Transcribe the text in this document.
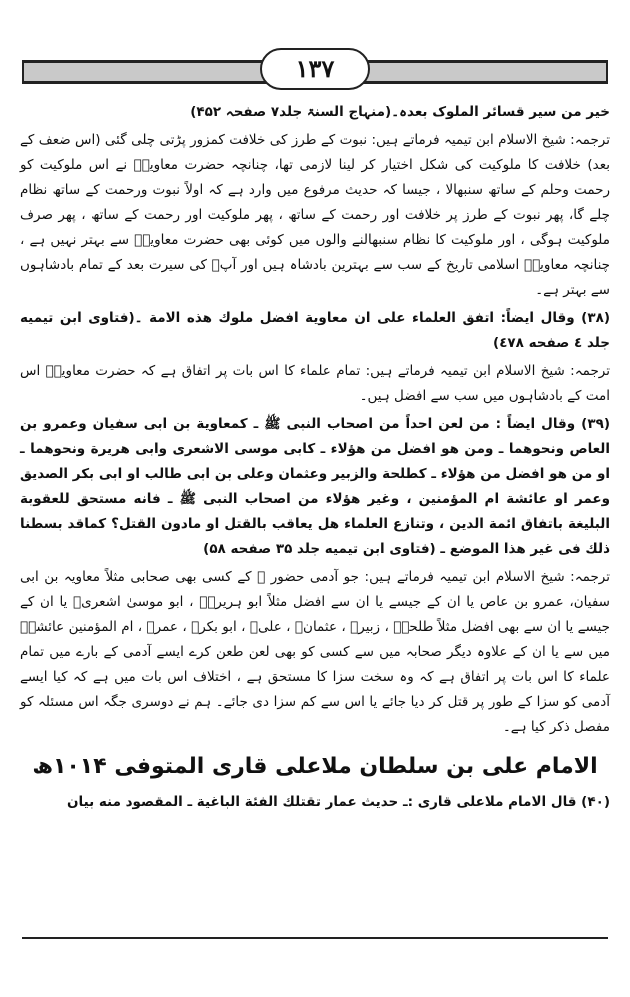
۱۳۷

خیر من سیر قسائر الملوک بعدہ۔(منہاج السنۃ جلد۷ صفحہ ۴۵۲)

ترجمہ: شیخ الاسلام ابن تیمیہ فرماتے ہیں: نبوت کے طرز کی خلافت کمزور پڑتی چلی گئی (اس ضعف کے بعد) خلافت کا ملوکیت کی شکل اختیار کر لینا لازمی تھا، چنانچہ حضرت معاویہؓ نے اس ملوکیت کو رحمت وحلم کے ساتھ سنبھالا ، جیسا کہ حدیث مرفوع میں وارد ہے کہ اولاً نبوت ورحمت کے ساتھ نظام چلے گا، پھر نبوت کے طرز پر خلافت اور رحمت کے ساتھ ، پھر ملوکیت اور رحمت کے ساتھ ، پھر صرف ملوکیت ہوگی ، اور ملوکیت کا نظام سنبھالنے والوں میں کوئی بھی حضرت معاویہؓ سے بہتر نہیں ہے ، چنانچہ معاویہؓ اسلامی تاریخ کے سب سے بہترین بادشاہ ہیں اور آپؓ کی سیرت بعد کے تمام بادشاہوں سے بہتر ہے۔

(۳۸) وقال ایضاً: اتفق العلماء علی ان معاویة افضل ملوك هذه الامة ۔(فتاوی ابن تیمیه جلد ٤ صفحه ٤٧٨)

ترجمہ: شیخ الاسلام ابن تیمیہ فرماتے ہیں: تمام علماء کا اس بات پر اتفاق ہے کہ حضرت معاویہؓ اس امت کے بادشاہوں میں سب سے افضل ہیں۔

(۳۹) وقال ایضاً : من لعن احداً من اصحاب النبی ﷺ ـ کمعاویة بن ابی سفیان وعمرو بن العاص ونحوهما ـ ومن هو افضل من هؤلاء ـ کابی موسی الاشعری وابی هریرة ونحوهما ـ او من هو افضل من هؤلاء ـ کطلحة والزبیر وعثمان وعلی بن ابی طالب او ابی بکر الصدیق وعمر او عائشة ام المؤمنین ، وغیر هؤلاء من اصحاب النبی ﷺ ـ فانه مستحق للعقوبة البلیغة باتفاق ائمة الدین ، وتنازع العلماء هل یعاقب بالقتل او مادون القتل؟ کماقد بسطنا ذلك فی غیر هذا الموضع ـ (فتاوی ابن تیمیه جلد ۳۵ صفحه ۵۸)

ترجمہ: شیخ الاسلام ابن تیمیہ فرماتے ہیں: جو آدمی حضور ﷺ کے کسی بھی صحابی مثلاً معاویہ بن ابی سفیان، عمرو بن عاص یا ان کے جیسے یا ان سے افضل مثلاً ابو ہریرہؓ ، ابو موسیٰ اشعریؓ یا ان کے جیسے یا ان سے بھی افضل مثلاً طلحہؓ ، زبیرؓ ، عثمانؓ ، علیؓ ، ابو بکرؓ ، عمرؓ ، ام المؤمنین عائشہؓ میں سے یا ان کے علاوہ دیگر صحابہ میں سے کسی کو بھی لعن طعن کرے ایسے آدمی کے بارے میں تمام علماء کا اس بات پر اتفاق ہے کہ وہ سخت سزا کا مستحق ہے ، اختلاف اس بات میں ہے کہ کیا ایسے آدمی کو سزا کے طور پر قتل کر دیا جائے یا اس سے کم سزا دی جائے۔ ہم نے دوسری جگہ اس مسئلہ کو مفصل ذکر کیا ہے۔

الامام علی بن سلطان ملاعلی قاری المتوفی ۱۰۱۴ھ

(۴۰) قال الامام ملاعلی قاری :ـ حدیث عمار تقتلك الفئة الباغیة ـ المقصود منه بیان
